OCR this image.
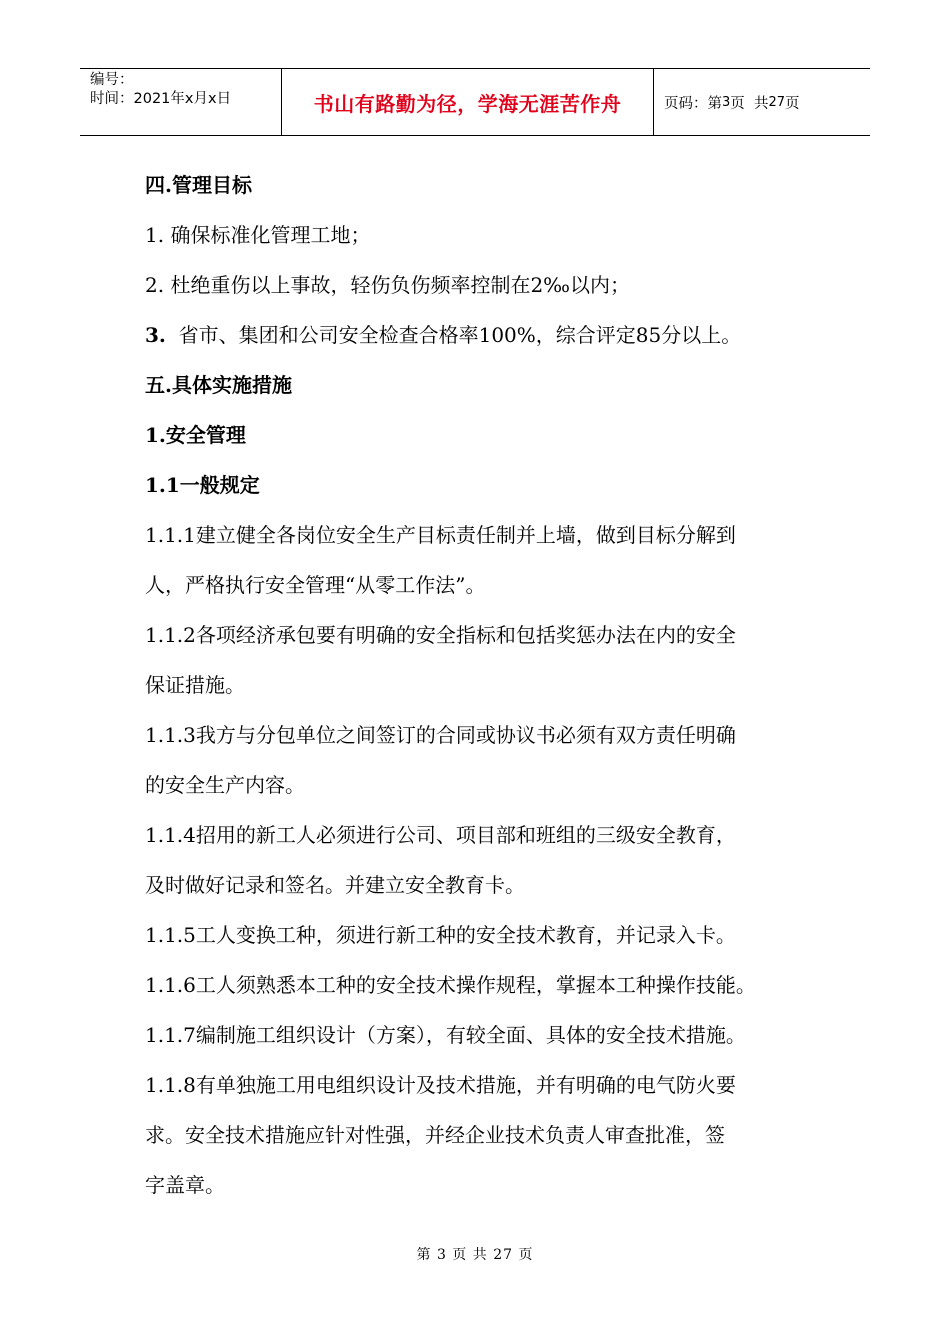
编号：
时间：2021年x月x日	书山有路勤为径，学海无涯苦作舟	页码：第 3 页  共 27 页
四.管理目标
1. 确保标准化管理工地；
2. 杜绝重伤以上事故，轻伤负伤频率控制在2‰以内；
3.  省市、集团和公司安全检查合格率100%，综合评定85分以上。
五.具体实施措施
1.安全管理
1.1一般规定
1.1.1建立健全各岗位安全生产目标责任制并上墙，做到目标分解到
人，严格执行安全管理“从零工作法”。
1.1.2各项经济承包要有明确的安全指标和包括奖惩办法在内的安全
保证措施。
1.1.3我方与分包单位之间签订的合同或协议书必须有双方责任明确
的安全生产内容。
1.1.4招用的新工人必须进行公司、项目部和班组的三级安全教育，
及时做好记录和签名。并建立安全教育卡。
1.1.5工人变换工种，须进行新工种的安全技术教育，并记录入卡。
1.1.6工人须熟悉本工种的安全技术操作规程，掌握本工种操作技能。
1.1.7编制施工组织设计（方案），有较全面、具体的安全技术措施。
1.1.8有单独施工用电组织设计及技术措施，并有明确的电气防火要
求。安全技术措施应针对性强，并经企业技术负责人审查批准，签
字盖章。
第 3 页 共 27 页
